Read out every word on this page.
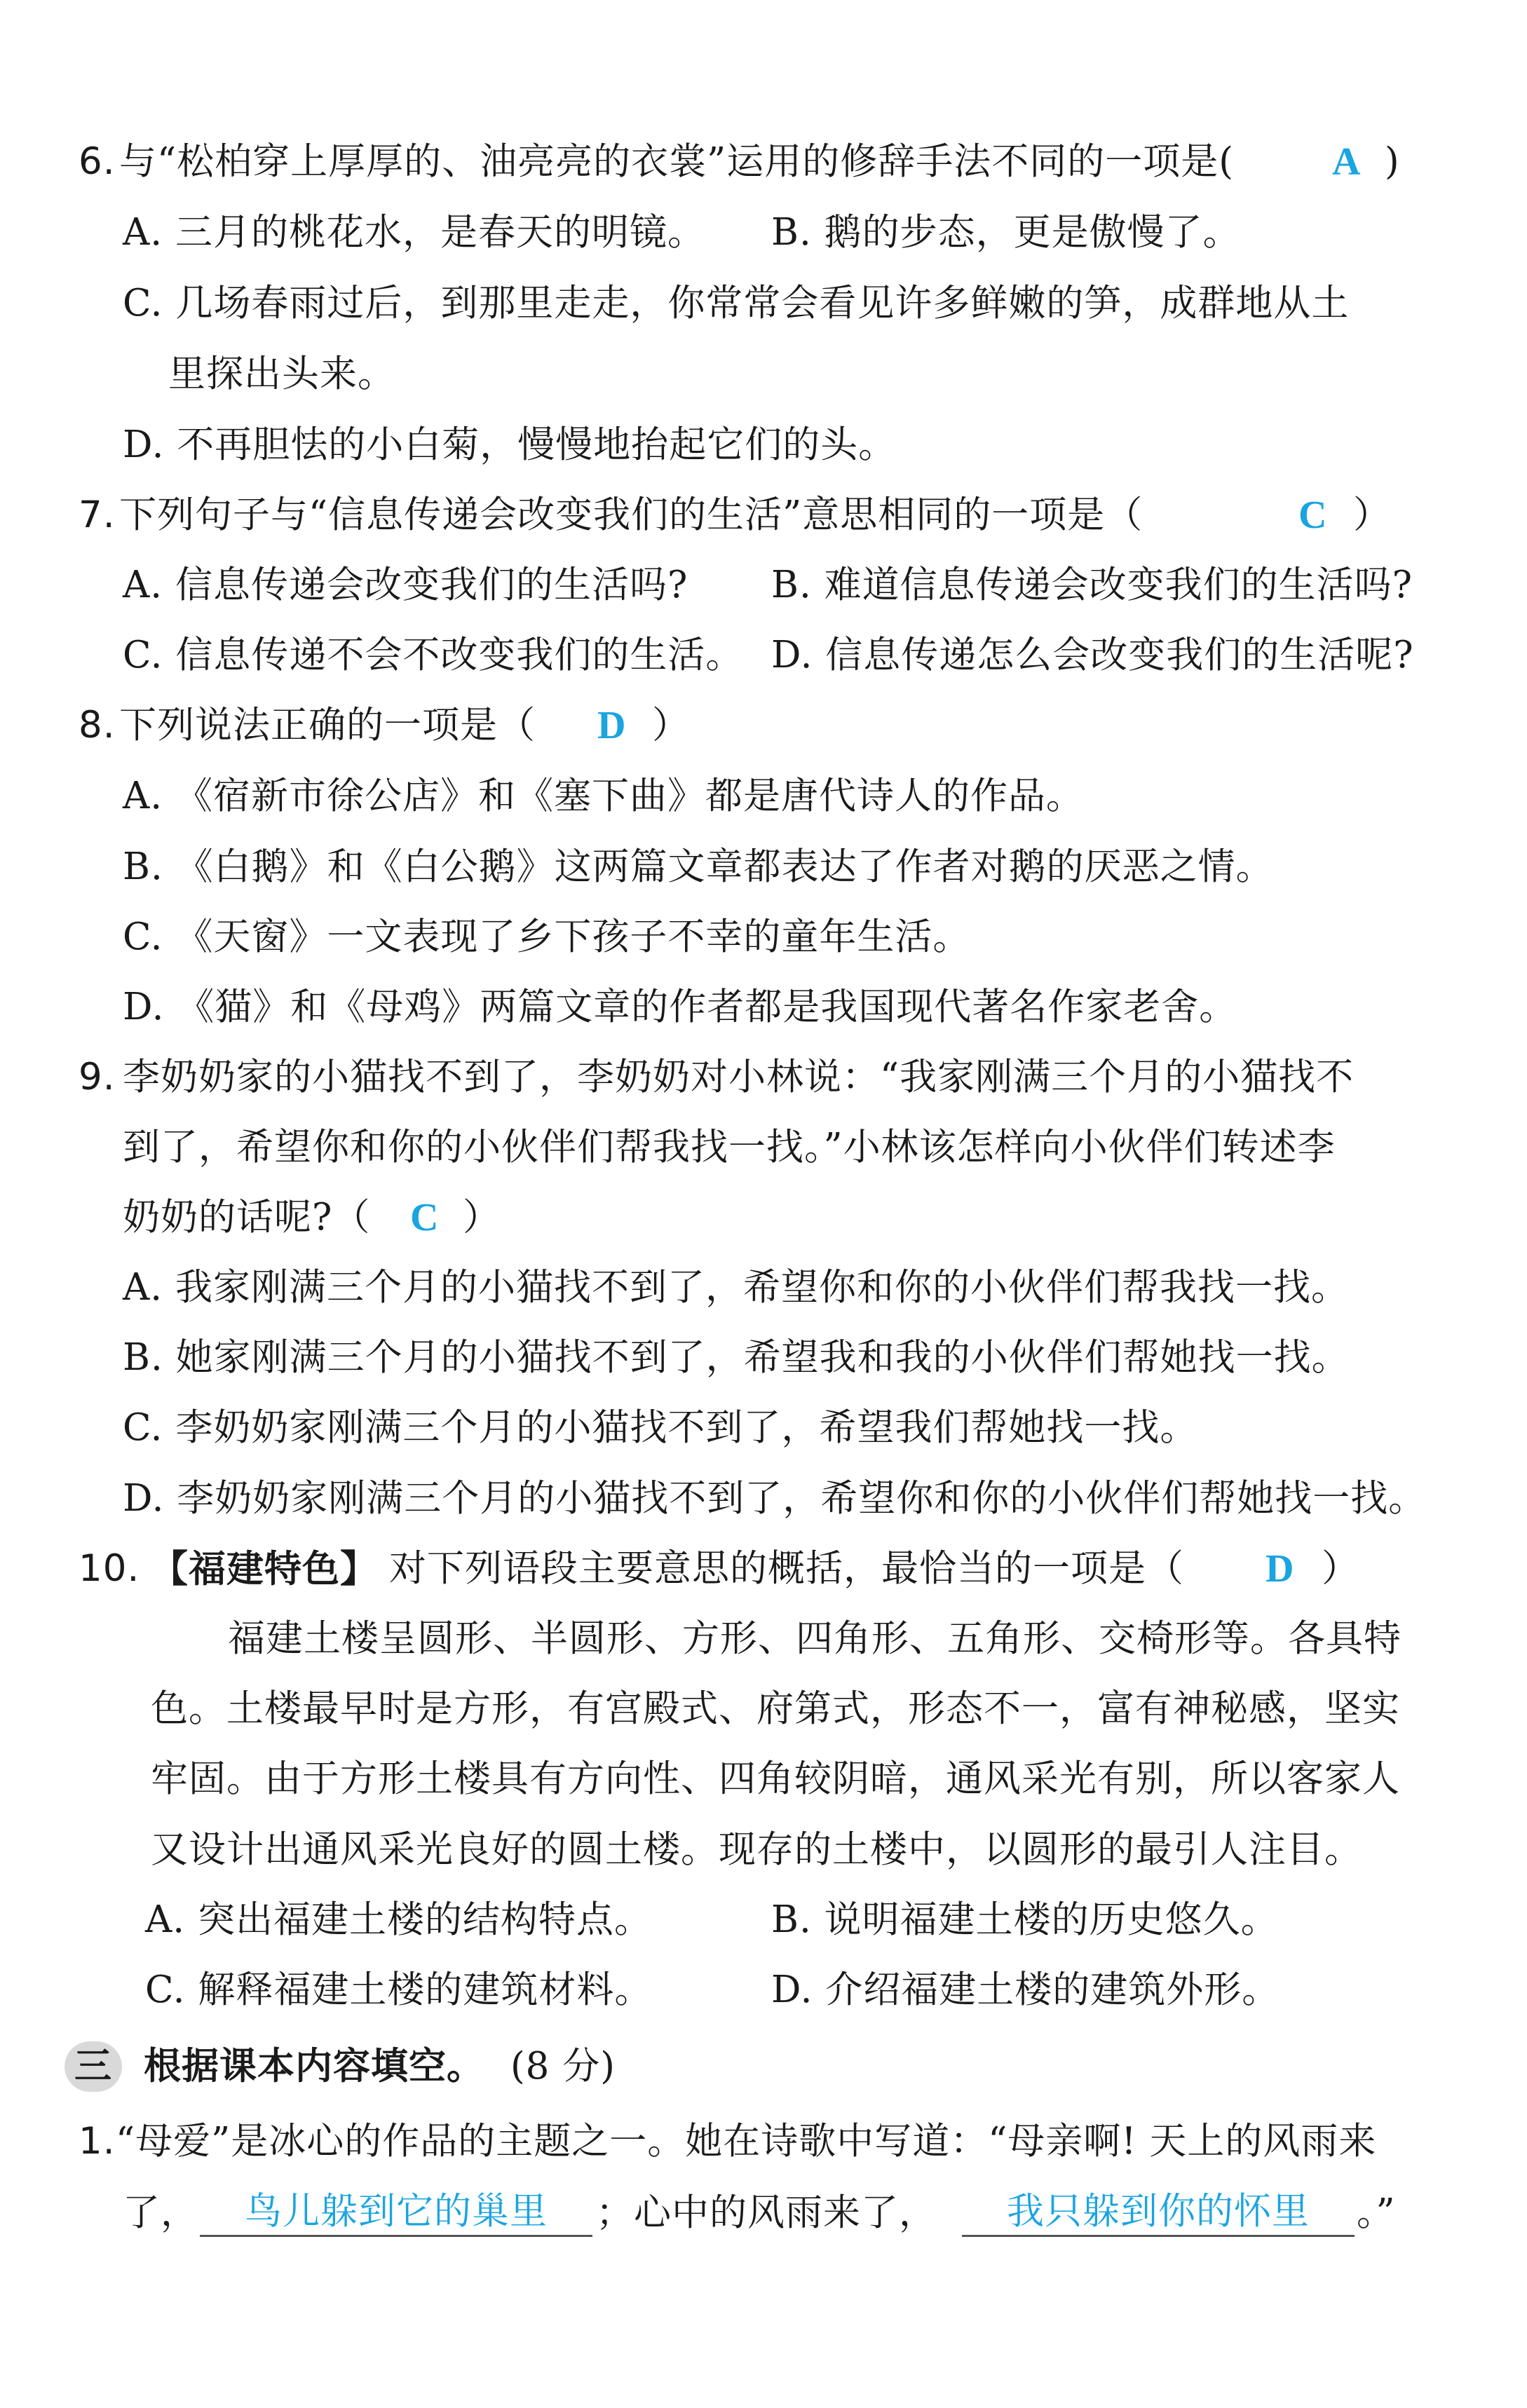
6. 与“松柏穿上厚厚的、油亮亮的衣裳”运用的修辞手法不同的一项是(	A )
A. 三月的桃花水，是春天的明镜。 B. 鹅的步态，更是傲慢了。
C. 几场春雨过后，到那里走走，你常常会看见许多鲜嫩的笋，成群地从土
里探出头来。
D. 不再胆怯的小白菊，慢慢地抬起它们的头。
7. 下列句子与“信息传递会改变我们的生活”意思相同的一项是（	C ）
A. 信息传递会改变我们的生活吗? B. 难道信息传递会改变我们的生活吗?
C. 信息传递不会不改变我们的生活。 D. 信息传递怎么会改变我们的生活呢?
8. 下列说法正确的一项是（ D ）
A. 《宿新市徐公店》和《塞下曲》都是唐代诗人的作品。
B. 《白鹅》和《白公鹅》这两篇文章都表达了作者对鹅的厌恶之情。
C. 《天窗》一文表现了乡下孩子不幸的童年生活。
D. 《猫》和《母鸡》两篇文章的作者都是我国现代著名作家老舍。
9. 李奶奶家的小猫找不到了，李奶奶对小林说：“我家刚满三个月的小猫找不
到了，希望你和你的小伙伴们帮我找一找。”小林该怎样向小伙伴们转述李
奶奶的话呢?（ C ）
A. 我家刚满三个月的小猫找不到了，希望你和你的小伙伴们帮我找一找。
B. 她家刚满三个月的小猫找不到了，希望我和我的小伙伴们帮她找一找。
C. 李奶奶家刚满三个月的小猫找不到了，希望我们帮她找一找。
D. 李奶奶家刚满三个月的小猫找不到了，希望你和你的小伙伴们帮她找一找。
10. 【福建特色】 对下列语段主要意思的概括，最恰当的一项是（ D ）
福建土楼呈圆形、半圆形、方形、四角形、五角形、交椅形等。各具特
色。土楼最早时是方形，有宫殿式、府第式，形态不一，富有神秘感，坚实
牢固。由于方形土楼具有方向性、四角较阴暗，通风采光有别，所以客家人
又设计出通风采光良好的圆土楼。现存的土楼中，以圆形的最引人注目。
A. 突出福建土楼的结构特点。	B. 说明福建土楼的历史悠久。
C. 解释福建土楼的建筑材料。	D. 介绍福建土楼的建筑外形。
三 根据课本内容填空。 (8 分)
1. “母爱”是冰心的作品的主题之一。她在诗歌中写道：“母亲啊! 天上的风雨来
了，	鸟儿躲到它的巢里	；心中的风雨来了，	我只躲到你的怀里	。”
